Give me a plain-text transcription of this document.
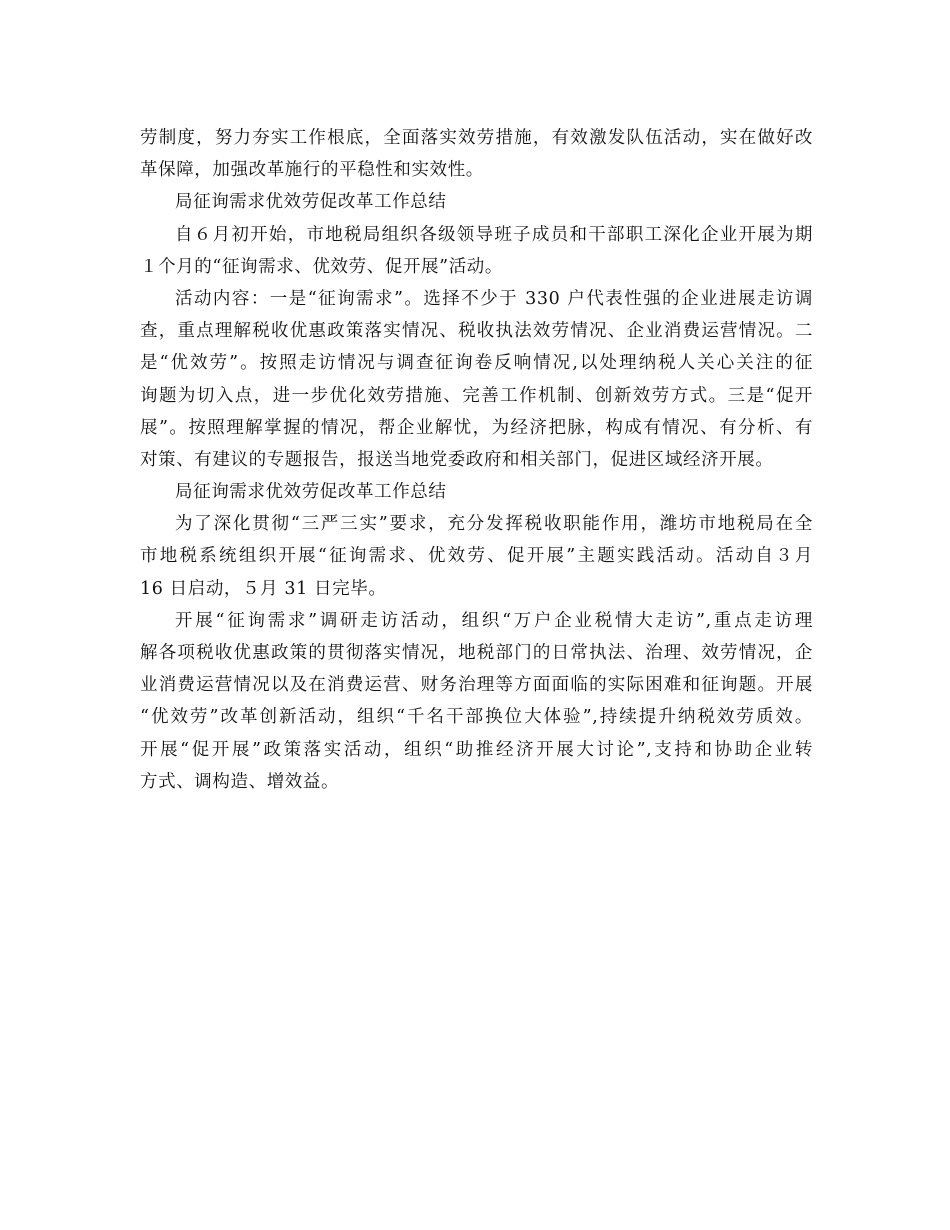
劳制度，努力夯实工作根底，全面落实效劳措施，有效激发队伍活动，实在做好改
革保障，加强改革施行的平稳性和实效性。
局征询需求优效劳促改革工作总结
自６月初开始，市地税局组织各级领导班子成员和干部职工深化企业开展为期
１个月的“征询需求、优效劳、促开展”活动。
活动内容：一是“征询需求”。选择不少于 330 户代表性强的企业进展走访调
查，重点理解税收优惠政策落实情况、税收执法效劳情况、企业消费运营情况。二
是“优效劳”。按照走访情况与调查征询卷反响情况,以处理纳税人关心关注的征
询题为切入点，进一步优化效劳措施、完善工作机制、创新效劳方式。三是“促开
展”。按照理解掌握的情况，帮企业解忧，为经济把脉，构成有情况、有分析、有
对策、有建议的专题报告，报送当地党委政府和相关部门，促进区域经济开展。
局征询需求优效劳促改革工作总结
为了深化贯彻“三严三实”要求，充分发挥税收职能作用，潍坊市地税局在全
市地税系统组织开展“征询需求、优效劳、促开展”主题实践活动。活动自３月
16 日启动，５月 31 日完毕。
开展“征询需求”调研走访活动，组织“万户企业税情大走访”,重点走访理
解各项税收优惠政策的贯彻落实情况，地税部门的日常执法、治理、效劳情况，企
业消费运营情况以及在消费运营、财务治理等方面面临的实际困难和征询题。开展
“优效劳”改革创新活动，组织“千名干部换位大体验”,持续提升纳税效劳质效。
开展“促开展”政策落实活动，组织“助推经济开展大讨论”,支持和协助企业转
方式、调构造、增效益。
